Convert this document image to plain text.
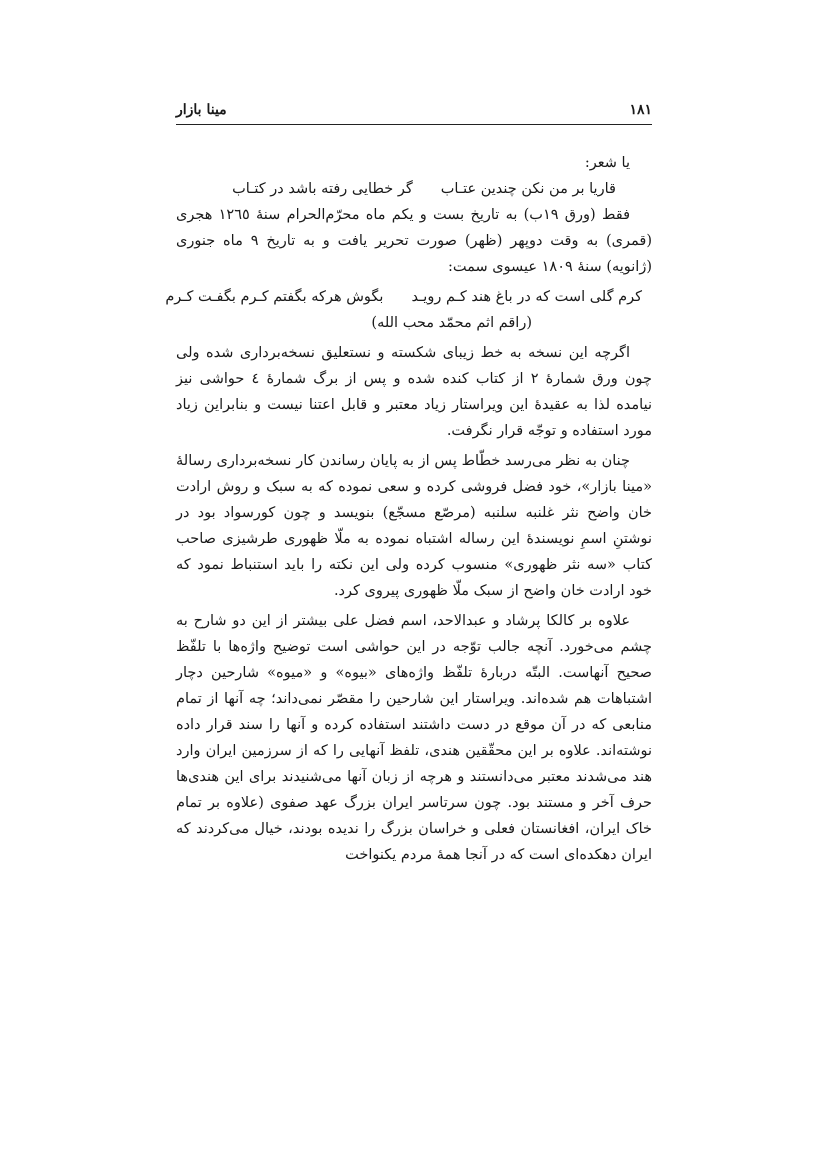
١٨١
مینا بازار

یا شعر:

قاریا بر من نکن چندین عتـاب
گر خطایی رفته باشد در کتـاب

فقط (ورق ١٩ب) به تاریخ بست و یکم ماه محرّم‌الحرام سنهٔ ١٢٦٥ هجری (قمری) به وقت دوپهر (ظهر) صورت تحریر یافت و به تاریخ ٩ ماه جنوری (ژانویه) سنهٔ ١٨٠٩ عیسوی سمت:

کرم گلی است که در باغ هند کـم رویـد
بگوش هرکه بگفتم کـرم بگفـت کـرم

(راقم اثم محمّد محب الله)

اگرچه این نسخه به خط زیبای شکسته و نستعلیق نسخه‌برداری شده ولی چون ورق شمارهٔ ٢ از کتاب کنده شده و پس از برگ شمارهٔ ٤ حواشی نیز نیامده لذا به عقیدهٔ این ویراستار زیاد معتبر و قابل اعتنا نیست و بنابراین زیاد مورد استفاده و توجّه قرار نگرفت.

چنان به نظر می‌رسد خطّاط پس از به پایان رساندن کار نسخه‌برداری رسالهٔ «مینا بازار»، خود فضل فروشی کرده و سعی نموده که به سبک و روش ارادت خان واضح نثر غلنبه سلنبه (مرصّع مسجّع) بنویسد و چون کورسواد بود در نوشتنِ اسمِ نویسندهٔ این رساله اشتباه نموده به ملّا ظهوری طرشیزی صاحب کتاب «سه نثر ظهوری» منسوب کرده ولی این نکته را باید استنباط نمود که خود ارادت خان واضح از سبک ملّا ظهوری پیروی کرد.

علاوه بر کالکا پرشاد و عبدالاحد، اسم فضل علی بیشتر از این دو شارح به چشم می‌خورد. آنچه جالب توّجه در این حواشی است توضیح واژه‌ها با تلفّظ صحیح آنهاست. البتّه دربارهٔ تلفّظ واژه‌های «بیوه» و «میوه» شارحین دچار اشتباهات هم شده‌اند. ویراستار این شارحین را مقصّر نمی‌داند؛ چه آنها از تمام منابعی که در آن موقع در دست داشتند استفاده کرده و آنها را سند قرار داده نوشته‌اند. علاوه بر این محقّقین هندی، تلفظ آنهایی را که از سرزمین ایران وارد هند می‌شدند معتبر می‌دانستند و هرچه از زبان آنها می‌شنیدند برای این هندی‌ها حرف آخر و مستند بود. چون سرتاسر ایران بزرگ عهد صفوی (علاوه بر تمام خاک ایران، افغانستان فعلی و خراسان بزرگ را ندیده بودند، خیال می‌کردند که ایران دهکده‌ای است که در آنجا همهٔ مردم یکنواخت
